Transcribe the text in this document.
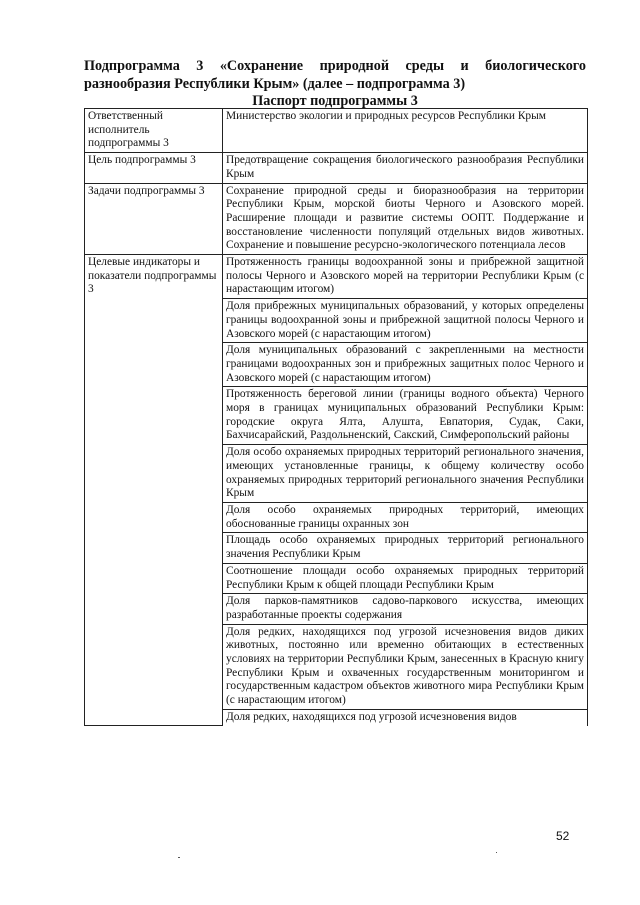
Подпрограмма 3 «Сохранение природной среды и биологического
разнообразия Республики Крым» (далее – подпрограмма 3)
Паспорт подпрограммы 3
Ответственный исполнитель подпрограммы 3	Министерство экологии и природных ресурсов Республики Крым
Цель подпрограммы 3	Предотвращение сокращения биологического разнообразия Республики Крым
Задачи подпрограммы 3	Сохранение природной среды и биоразнообразия на территории Республики Крым, морской биоты Черного и Азовского морей. Расширение площади и развитие системы ООПТ. Поддержание и восстановление численности популяций отдельных видов животных. Сохранение и повышение ресурсно-экологического потенциала лесов
Целевые индикаторы и показатели подпрограммы 3	Протяженность границы водоохранной зоны и прибрежной защитной полосы Черного и Азовского морей на территории Республики Крым (с нарастающим итогом)
	Доля прибрежных муниципальных образований, у которых определены границы водоохранной зоны и прибрежной защитной полосы Черного и Азовского морей (с нарастающим итогом)
	Доля муниципальных образований с закрепленными на местности границами водоохранных зон и прибрежных защитных полос Черного и Азовского морей (с нарастающим итогом)
	Протяженность береговой линии (границы водного объекта) Черного моря в границах муниципальных образований Республики Крым: городские округа Ялта, Алушта, Евпатория, Судак, Саки, Бахчисарайский, Раздольненский, Сакский, Симферопольский районы
	Доля особо охраняемых природных территорий регионального значения, имеющих установленные границы, к общему количеству особо охраняемых природных территорий регионального значения Республики Крым
	Доля особо охраняемых природных территорий, имеющих обоснованные границы охранных зон
	Площадь особо охраняемых природных территорий регионального значения Республики Крым
	Соотношение площади особо охраняемых природных территорий Республики Крым к общей площади Республики Крым
	Доля парков-памятников садово-паркового искусства, имеющих разработанные проекты содержания
	Доля редких, находящихся под угрозой исчезновения видов диких животных, постоянно или временно обитающих в естественных условиях на территории Республики Крым, занесенных в Красную книгу Республики Крым и охваченных государственным мониторингом и государственным кадастром объектов животного мира Республики Крым (с нарастающим итогом)
	Доля редких, находящихся под угрозой исчезновения видов
52
